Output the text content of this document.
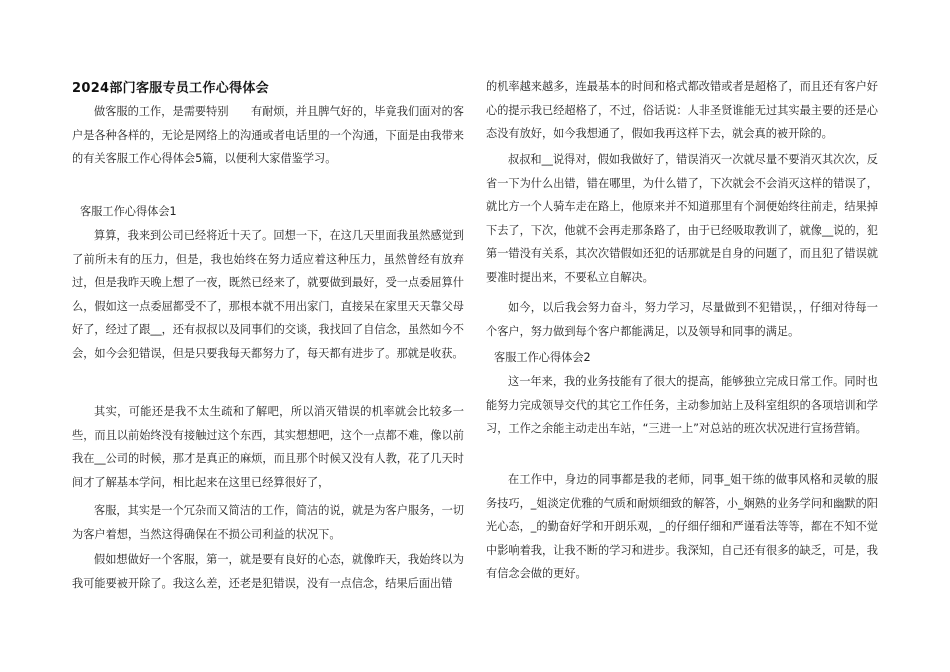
2024部门客服专员工作心得体会

做客服的工作，是需要特别　　有耐烦，并且脾气好的，毕竟我们面对的客户是各种各样的，无论是网络上的沟通或者电话里的一个沟通，下面是由我带来的有关客服工作心得体会5篇，以便利大家借鉴学习。

客服工作心得体会1

算算，我来到公司已经将近十天了。回想一下，在这几天里面我虽然感觉到了前所未有的压力，但是，我也始终在努力适应着这种压力，虽然曾经有放弃过，但是我昨天晚上想了一夜，既然已经来了，就要做到最好，受一点委屈算什么，假如这一点委屈都受不了，那根本就不用出家门，直接呆在家里天天靠父母好了，经过了跟__，还有叔叔以及同事们的交谈，我找回了自信念，虽然如今不会，如今会犯错误，但是只要我每天都努力了，每天都有进步了。那就是收获。

其实，可能还是我不太生疏和了解吧，所以消灭错误的机率就会比较多一些，而且以前始终没有接触过这个东西，其实想想吧，这个一点都不难，像以前我在__公司的时候，那才是真正的麻烦，而且那个时候又没有人教，花了几天时间才了解基本学问，相比起来在这里已经算很好了，

客服，其实是一个冗杂而又简洁的工作，简洁的说，就是为客户服务，一切为客户着想，当然这得确保在不损公司利益的状况下。

假如想做好一个客服，第一，就是要有良好的心态，就像昨天，我始终以为我可能要被开除了。我这么差，还老是犯错误，没有一点信念，结果后面出错

的机率越来越多，连最基本的时间和格式都改错或者是超格了，而且还有客户好心的提示我已经超格了，不过，俗话说：人非圣贤谁能无过其实最主要的还是心态没有放好，如今我想通了，假如我再这样下去，就会真的被开除的。

叔叔和__说得对，假如我做好了，错误消灭一次就尽量不要消灭其次次，反省一下为什么出错，错在哪里，为什么错了，下次就会不会消灭这样的错误了，就比方一个人骑车走在路上，他原来并不知道那里有个洞便始终往前走，结果掉下去了，下次，他就不会再走那条路了，由于已经吸取教训了，就像__说的，犯第一错没有关系，其次次错假如还犯的话那就是自身的问题了，而且犯了错误就要准时提出来，不要私立自解决。

如今，以后我会努力奋斗，努力学习，尽量做到不犯错误，，仔细对待每一个客户，努力做到每个客户都能满足，以及领导和同事的满足。

客服工作心得体会2

这一年来，我的业务技能有了很大的提高，能够独立完成日常工作。同时也能努力完成领导交代的其它工作任务，主动参加站上及科室组织的各项培训和学习，工作之余能主动走出车站，“三进一上”对总站的班次状况进行宣扬营销。

在工作中，身边的同事都是我的老师，同事_姐干练的做事风格和灵敏的服务技巧，_姐淡定优雅的气质和耐烦细致的解答，小_娴熟的业务学问和幽默的阳光心态，_的勤奋好学和开朗乐观，_的仔细仔细和严谨看法等等，都在不知不觉中影响着我，让我不断的学习和进步。我深知，自己还有很多的缺乏，可是，我有信念会做的更好。
